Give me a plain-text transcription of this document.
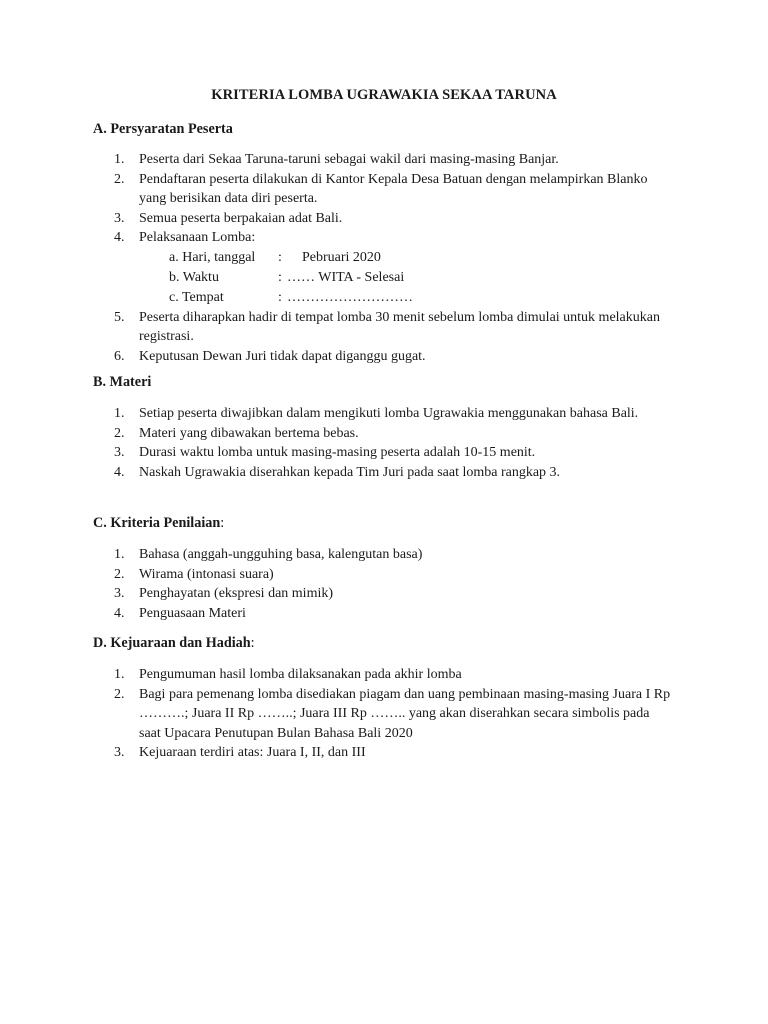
KRITERIA LOMBA UGRAWAKIA SEKAA TARUNA
A. Persyaratan Peserta
1. Peserta dari Sekaa Taruna-taruni sebagai wakil dari masing-masing Banjar.
2. Pendaftaran peserta dilakukan di Kantor Kepala Desa Batuan dengan melampirkan Blanko yang berisikan data diri peserta.
3. Semua peserta berpakaian adat Bali.
4. Pelaksanaan Lomba:
a. Hari, tanggal : Pebruari 2020
b. Waktu	: …… WITA - Selesai
c. Tempat	: ………………………
5. Peserta diharapkan hadir di tempat lomba 30 menit sebelum lomba dimulai untuk melakukan registrasi.
6. Keputusan Dewan Juri tidak dapat diganggu gugat.
B. Materi
1. Setiap peserta diwajibkan dalam mengikuti lomba Ugrawakia menggunakan bahasa Bali.
2. Materi yang dibawakan bertema bebas.
3. Durasi waktu lomba untuk masing-masing peserta adalah 10-15 menit.
4. Naskah Ugrawakia diserahkan kepada Tim Juri pada saat lomba rangkap 3.
C. Kriteria Penilaian:
1. Bahasa (anggah-ungguhing basa, kalengutan basa)
2. Wirama (intonasi suara)
3. Penghayatan (ekspresi dan mimik)
4. Penguasaan Materi
D. Kejuaraan dan Hadiah:
1. Pengumuman hasil lomba dilaksanakan pada akhir lomba
2. Bagi para pemenang lomba disediakan piagam dan uang pembinaan masing-masing Juara I Rp ……….; Juara II Rp ……..; Juara III Rp …….. yang akan diserahkan secara simbolis pada saat Upacara Penutupan Bulan Bahasa Bali 2020
3. Kejuaraan terdiri atas: Juara I, II, dan III
